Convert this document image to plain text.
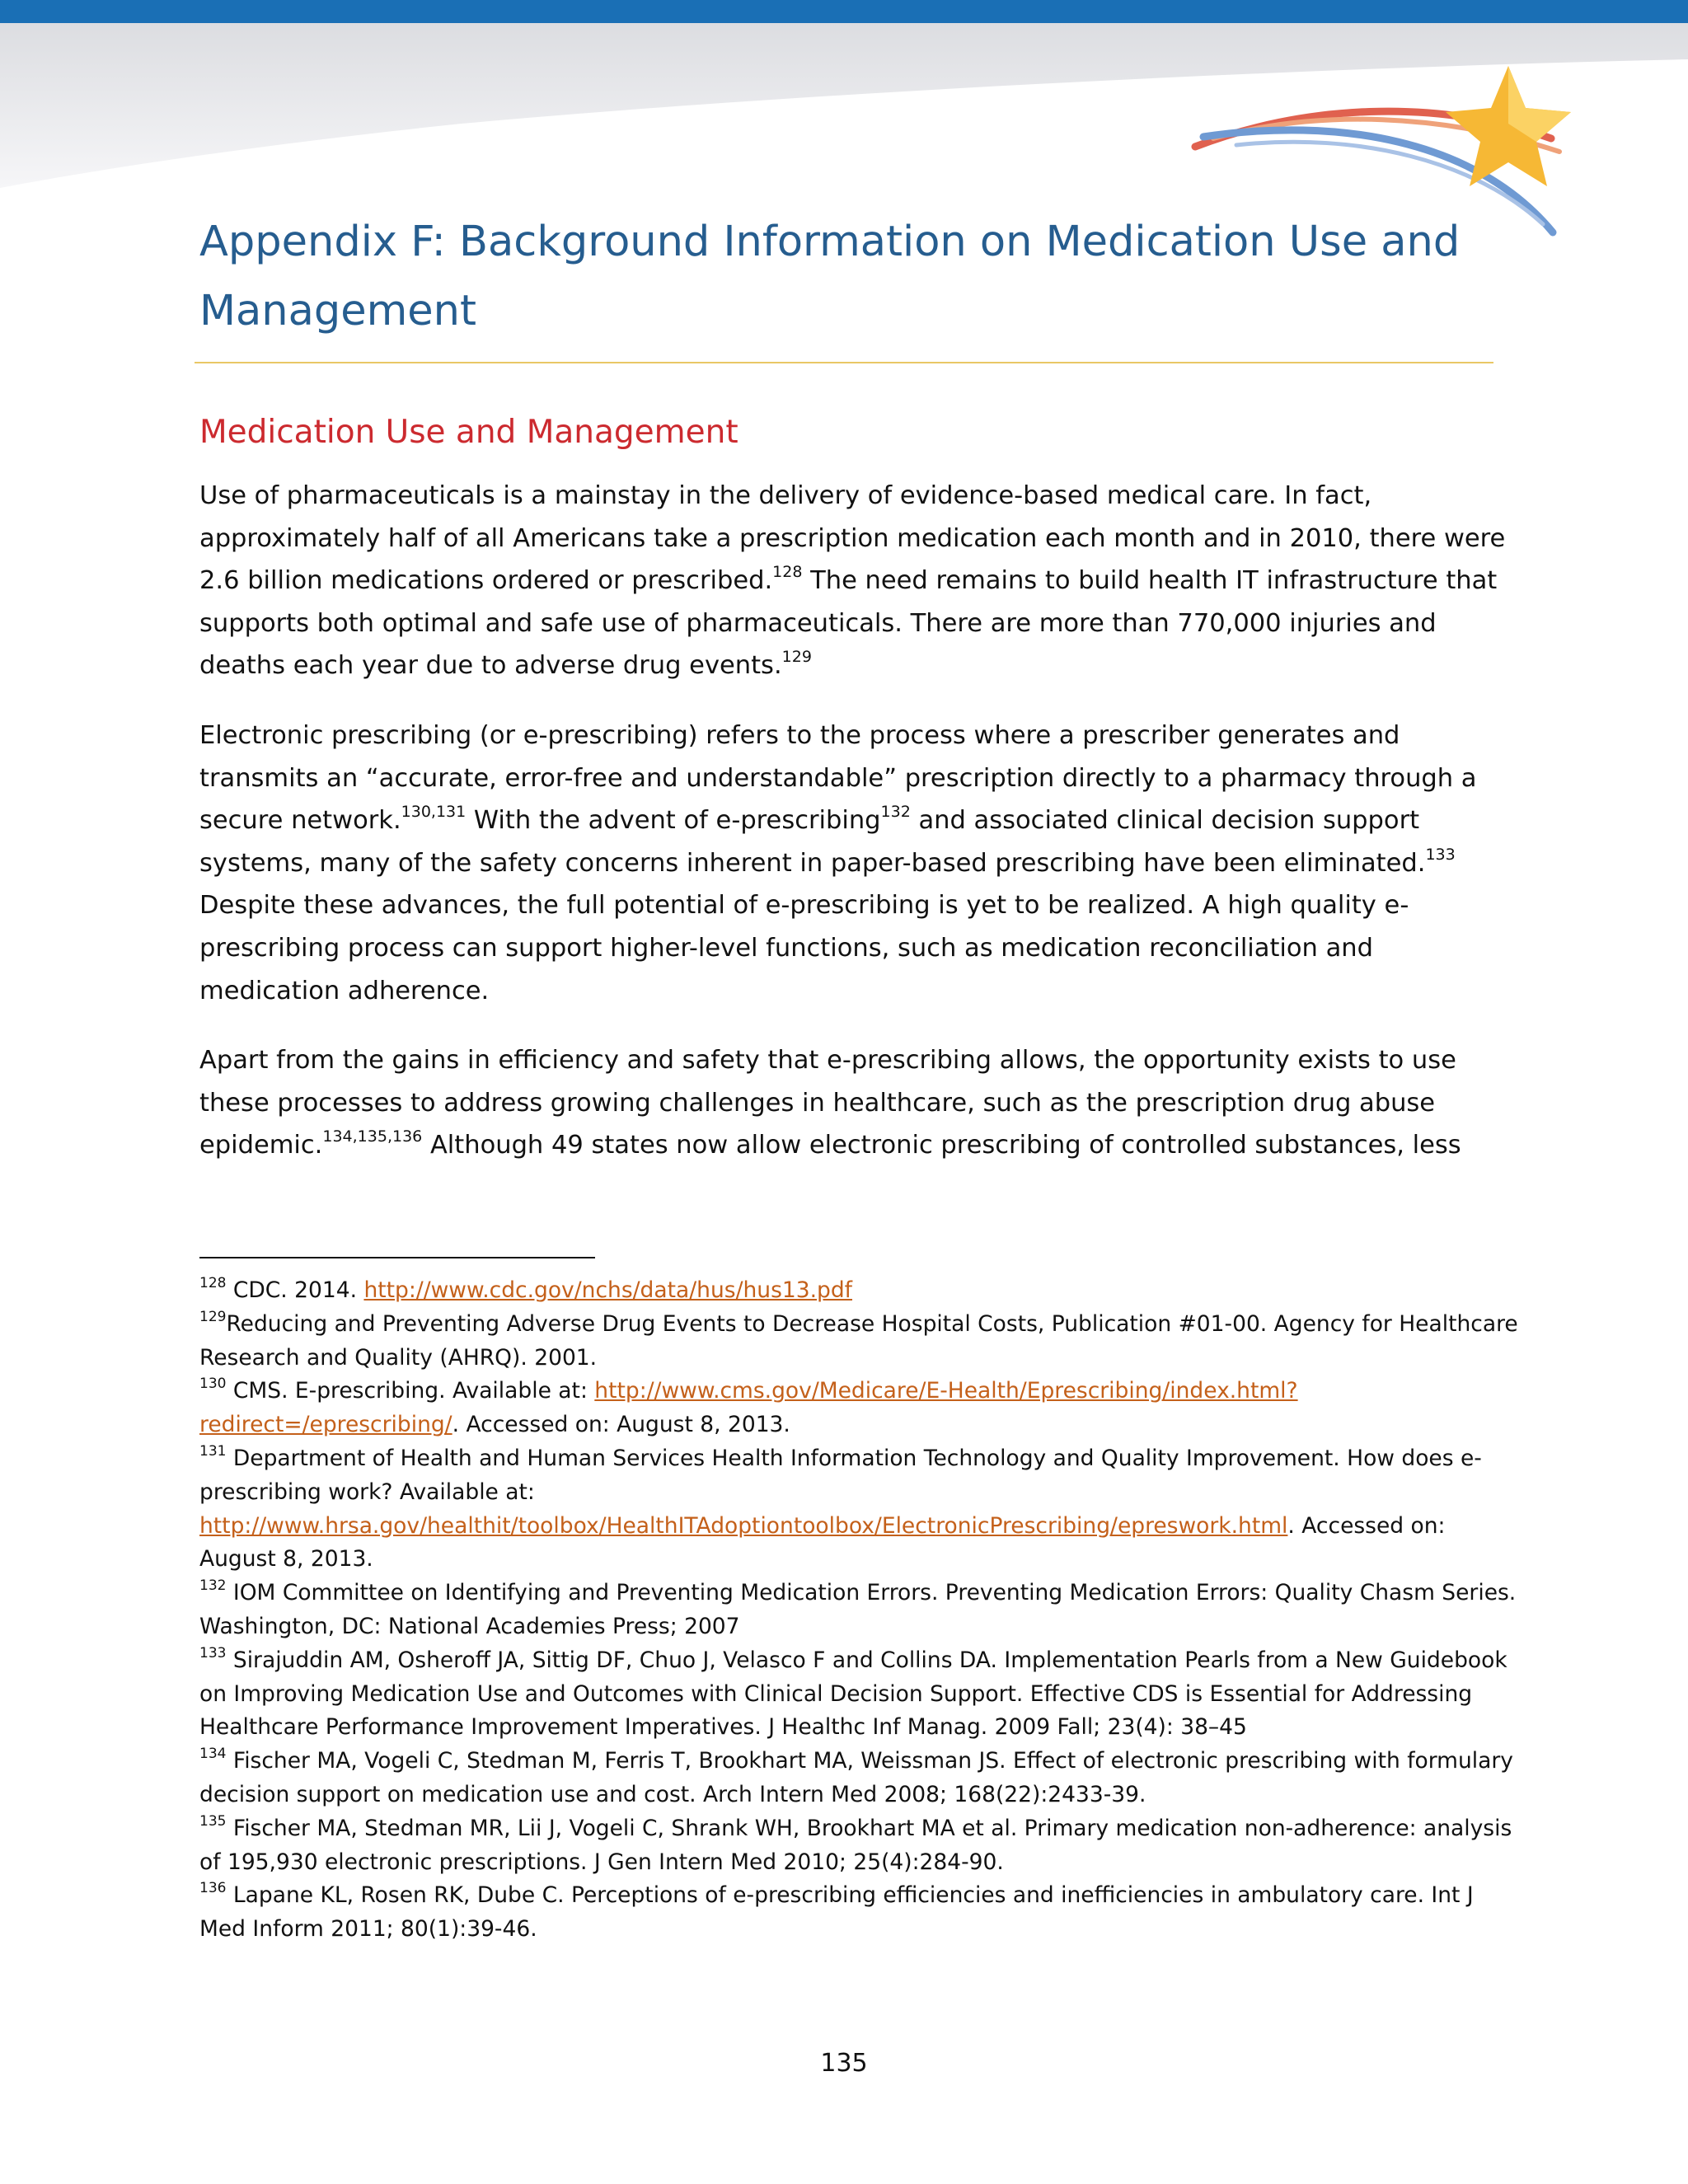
Appendix F: Background Information on Medication Use and Management
Medication Use and Management

Use of pharmaceuticals is a mainstay in the delivery of evidence-based medical care. In fact, approximately half of all Americans take a prescription medication each month and in 2010, there were 2.6 billion medications ordered or prescribed.$^{128}$ The need remains to build health IT infrastructure that supports both optimal and safe use of pharmaceuticals. There are more than 770,000 injuries and deaths each year due to adverse drug events.$^{129}$

Electronic prescribing (or e-prescribing) refers to the process where a prescriber generates and transmits an “accurate, error-free and understandable” prescription directly to a pharmacy through a secure network.$^{130,131}$ With the advent of e-prescribing$^{132}$ and associated clinical decision support systems, many of the safety concerns inherent in paper-based prescribing have been eliminated.$^{133}$ Despite these advances, the full potential of e-prescribing is yet to be realized. A high quality e-prescribing process can support higher-level functions, such as medication reconciliation and medication adherence.

Apart from the gains in efficiency and safety that e-prescribing allows, the opportunity exists to use these processes to address growing challenges in healthcare, such as the prescription drug abuse epidemic.$^{134,135,136}$ Although 49 states now allow electronic prescribing of controlled substances, less

$^{128}$ CDC. 2014. http://www.cdc.gov/nchs/data/hus/hus13.pdf
$^{129}$Reducing and Preventing Adverse Drug Events to Decrease Hospital Costs, Publication #01-00. Agency for Healthcare Research and Quality (AHRQ). 2001.
$^{130}$ CMS. E-prescribing. Available at: http://www.cms.gov/Medicare/E-Health/Eprescribing/index.html?redirect=/eprescribing/. Accessed on: August 8, 2013.
$^{131}$ Department of Health and Human Services Health Information Technology and Quality Improvement. How does e-prescribing work? Available at: http://www.hrsa.gov/healthit/toolbox/HealthITAdoptiontoolbox/ElectronicPrescribing/epreswork.html. Accessed on: August 8, 2013.
$^{132}$ IOM Committee on Identifying and Preventing Medication Errors. Preventing Medication Errors: Quality Chasm Series. Washington, DC: National Academies Press; 2007
$^{133}$ Sirajuddin AM, Osheroff JA, Sittig DF, Chuo J, Velasco F and Collins DA. Implementation Pearls from a New Guidebook on Improving Medication Use and Outcomes with Clinical Decision Support. Effective CDS is Essential for Addressing Healthcare Performance Improvement Imperatives. J Healthc Inf Manag. 2009 Fall; 23(4): 38–45
$^{134}$ Fischer MA, Vogeli C, Stedman M, Ferris T, Brookhart MA, Weissman JS. Effect of electronic prescribing with formulary decision support on medication use and cost. Arch Intern Med 2008; 168(22):2433-39.
$^{135}$ Fischer MA, Stedman MR, Lii J, Vogeli C, Shrank WH, Brookhart MA et al. Primary medication non-adherence: analysis of 195,930 electronic prescriptions. J Gen Intern Med 2010; 25(4):284-90.
$^{136}$ Lapane KL, Rosen RK, Dube C. Perceptions of e-prescribing efficiencies and inefficiencies in ambulatory care. Int J Med Inform 2011; 80(1):39-46.
135
